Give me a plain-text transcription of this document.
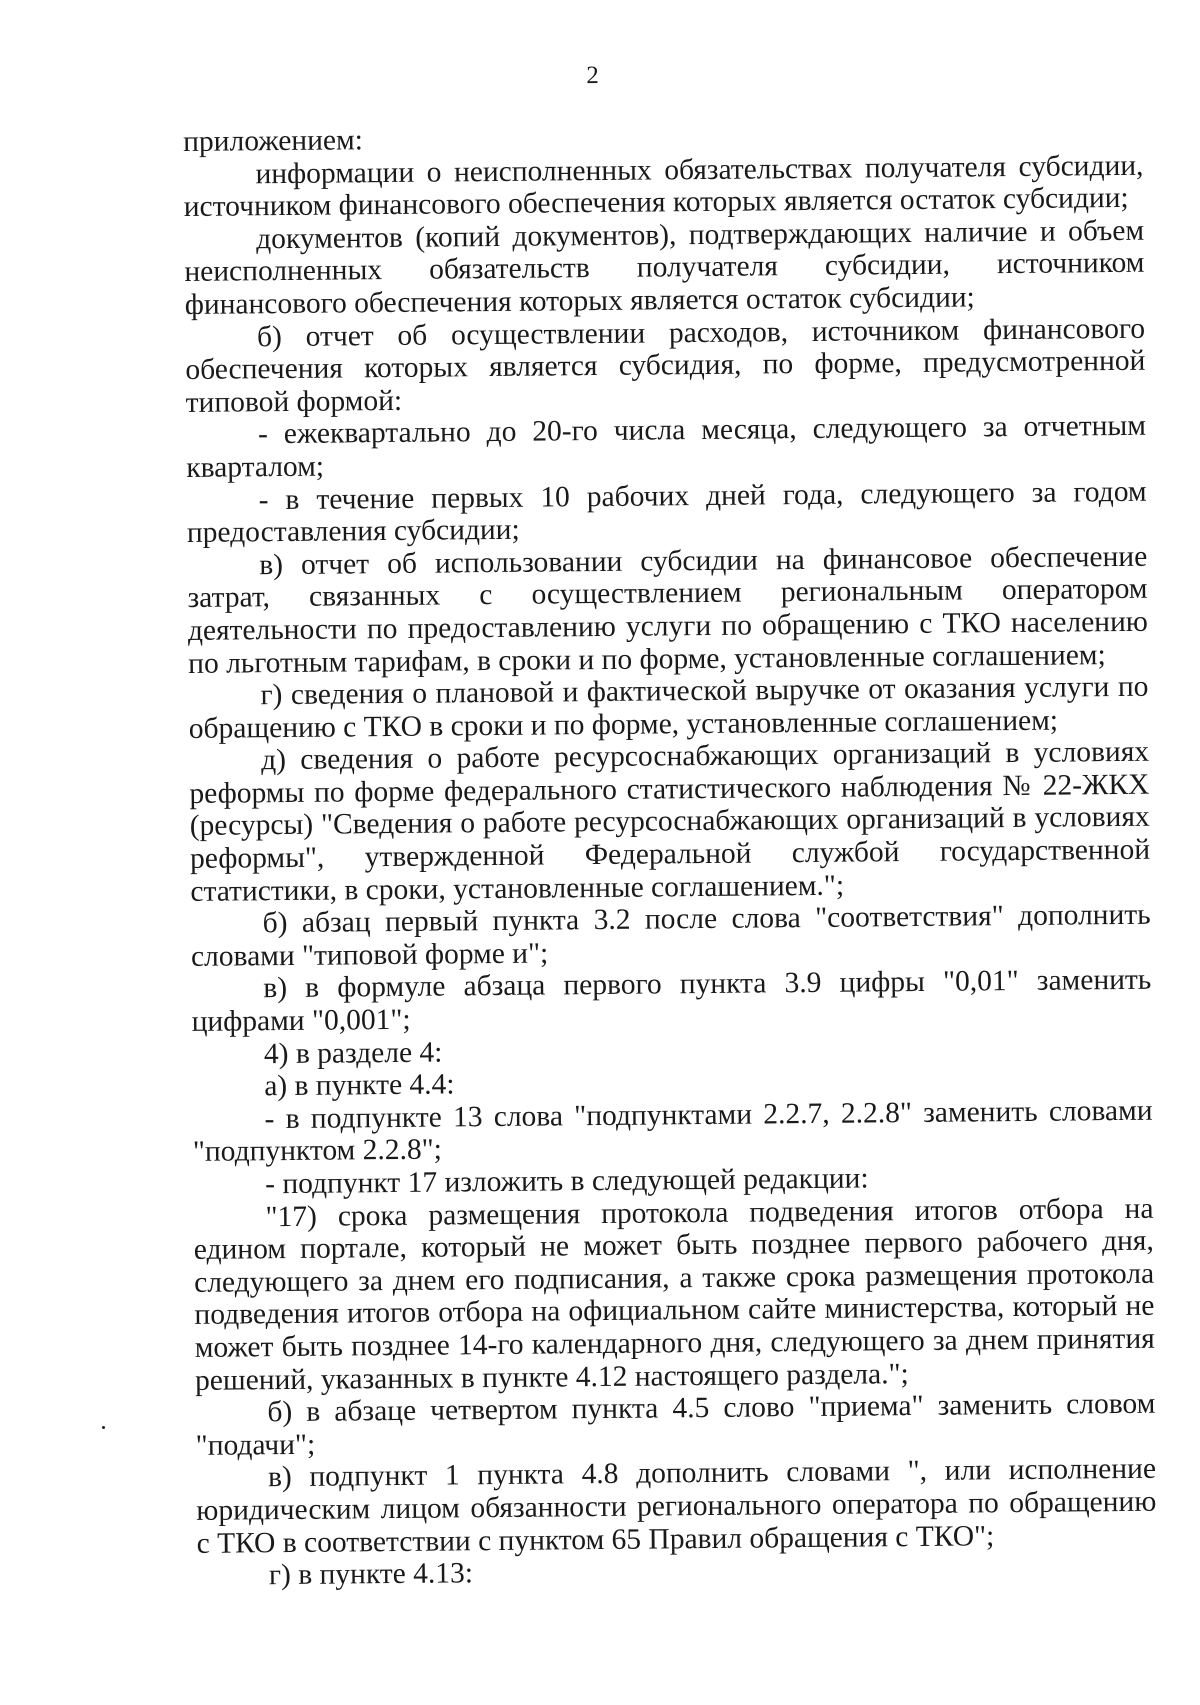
2

приложением:

информации о неисполненных обязательствах получателя субсидии, источником финансового обеспечения которых является остаток субсидии;

документов (копий документов), подтверждающих наличие и объем неисполненных обязательств получателя субсидии, источником финансового обеспечения которых является остаток субсидии;

б) отчет об осуществлении расходов, источником финансового обеспечения которых является субсидия, по форме, предусмотренной типовой формой:

- ежеквартально до 20-го числа месяца, следующего за отчетным кварталом;

- в течение первых 10 рабочих дней года, следующего за годом предоставления субсидии;

в) отчет об использовании субсидии на финансовое обеспечение затрат, связанных с осуществлением региональным оператором деятельности по предоставлению услуги по обращению с ТКО населению по льготным тарифам, в сроки и по форме, установленные соглашением;

г) сведения о плановой и фактической выручке от оказания услуги по обращению с ТКО в сроки и по форме, установленные соглашением;

д) сведения о работе ресурсоснабжающих организаций в условиях реформы по форме федерального статистического наблюдения № 22-ЖКХ (ресурсы) "Сведения о работе ресурсоснабжающих организаций в условиях реформы", утвержденной Федеральной службой государственной статистики, в сроки, установленные соглашением.";

б) абзац первый пункта 3.2 после слова "соответствия" дополнить словами "типовой форме и";

в) в формуле абзаца первого пункта 3.9 цифры "0,01" заменить цифрами "0,001";

4) в разделе 4:

а) в пункте 4.4:

- в подпункте 13 слова "подпунктами 2.2.7, 2.2.8" заменить словами "подпунктом 2.2.8";

- подпункт 17 изложить в следующей редакции:

"17) срока размещения протокола подведения итогов отбора на едином портале, который не может быть позднее первого рабочего дня, следующего за днем его подписания, а также срока размещения протокола подведения итогов отбора на официальном сайте министерства, который не может быть позднее 14-го календарного дня, следующего за днем принятия решений, указанных в пункте 4.12 настоящего раздела.";

б) в абзаце четвертом пункта 4.5 слово "приема" заменить словом "подачи";

в) подпункт 1 пункта 4.8 дополнить словами ", или исполнение юридическим лицом обязанности регионального оператора по обращению с ТКО в соответствии с пунктом 65 Правил обращения с ТКО";

г) в пункте 4.13:
